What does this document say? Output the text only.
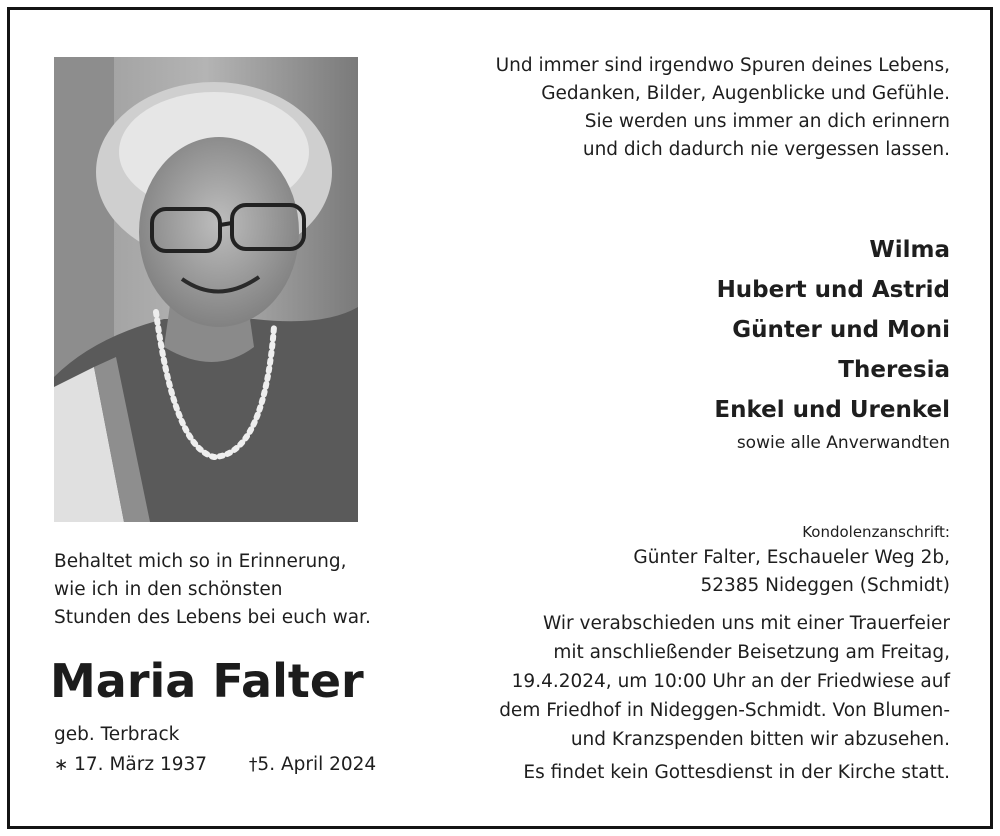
Und immer sind irgendwo Spuren deines Lebens,
Gedanken, Bilder, Augenblicke und Gefühle.
Sie werden uns immer an dich erinnern
und dich dadurch nie vergessen lassen.
Wilma
Hubert und Astrid
Günter und Moni
Theresia
Enkel und Urenkel
sowie alle Anverwandten
Kondolenzanschrift:
Günter Falter, Eschaueler Weg 2b,
52385 Nideggen (Schmidt)
Wir verabschieden uns mit einer Trauerfeier
mit anschließender Beisetzung am Freitag,
19.4.2024, um 10:00 Uhr an der Friedwiese auf
dem Friedhof in Nideggen-Schmidt. Von Blumen-
und Kranzspenden bitten wir abzusehen.
Es findet kein Gottesdienst in der Kirche statt.
Behaltet mich so in Erinnerung,
wie ich in den schönsten
Stunden des Lebens bei euch war.
Maria Falter
geb. Terbrack
∗ 17. März 1937 †5. April 2024
